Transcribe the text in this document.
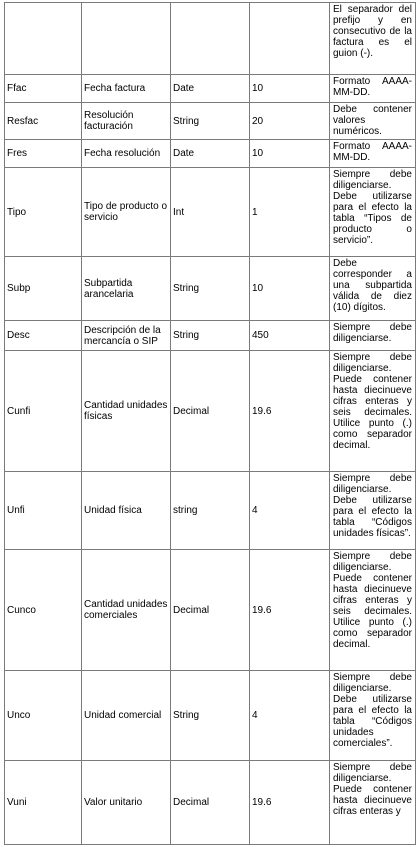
				El separador del prefijo y en consecutivo de la factura es el guion (-).

Ffac	Fecha factura	Date	10	Formato AAAA-MM-DD.

Resfac	Resolución facturación	String	20	Debe contener valores numéricos.

Fres	Fecha resolución	Date	10	Formato AAAA-MM-DD.

Tipo	Tipo de producto o servicio	Int	1	Siempre debe diligenciarse.
Debe utilizarse para el efecto la tabla “Tipos de producto o servicio”.

Subp	Subpartida arancelaria	String	10	Debe corresponder a una subpartida válida de diez (10) dígitos.

Desc	Descripción de la mercancía o SIP	String	450	Siempre debe diligenciarse.

Cunfi	Cantidad unidades físicas	Decimal	19.6	Siempre debe diligenciarse.
Puede contener hasta diecinueve cifras enteras y seis decimales. Utilice punto (.) como separador decimal.

Unfi	Unidad física	string	4	Siempre debe diligenciarse.
Debe utilizarse para el efecto la tabla “Códigos unidades físicas”.

Cunco	Cantidad unidades comerciales	Decimal	19.6	Siempre debe diligenciarse.
Puede contener hasta diecinueve cifras enteras y seis decimales. Utilice punto (.) como separador decimal.

Unco	Unidad comercial	String	4	Siempre debe diligenciarse.
Debe utilizarse para el efecto la tabla “Códigos unidades comerciales”.

Vuni	Valor unitario	Decimal	19.6	Siempre debe diligenciarse.
Puede contener hasta diecinueve cifras enteras y
